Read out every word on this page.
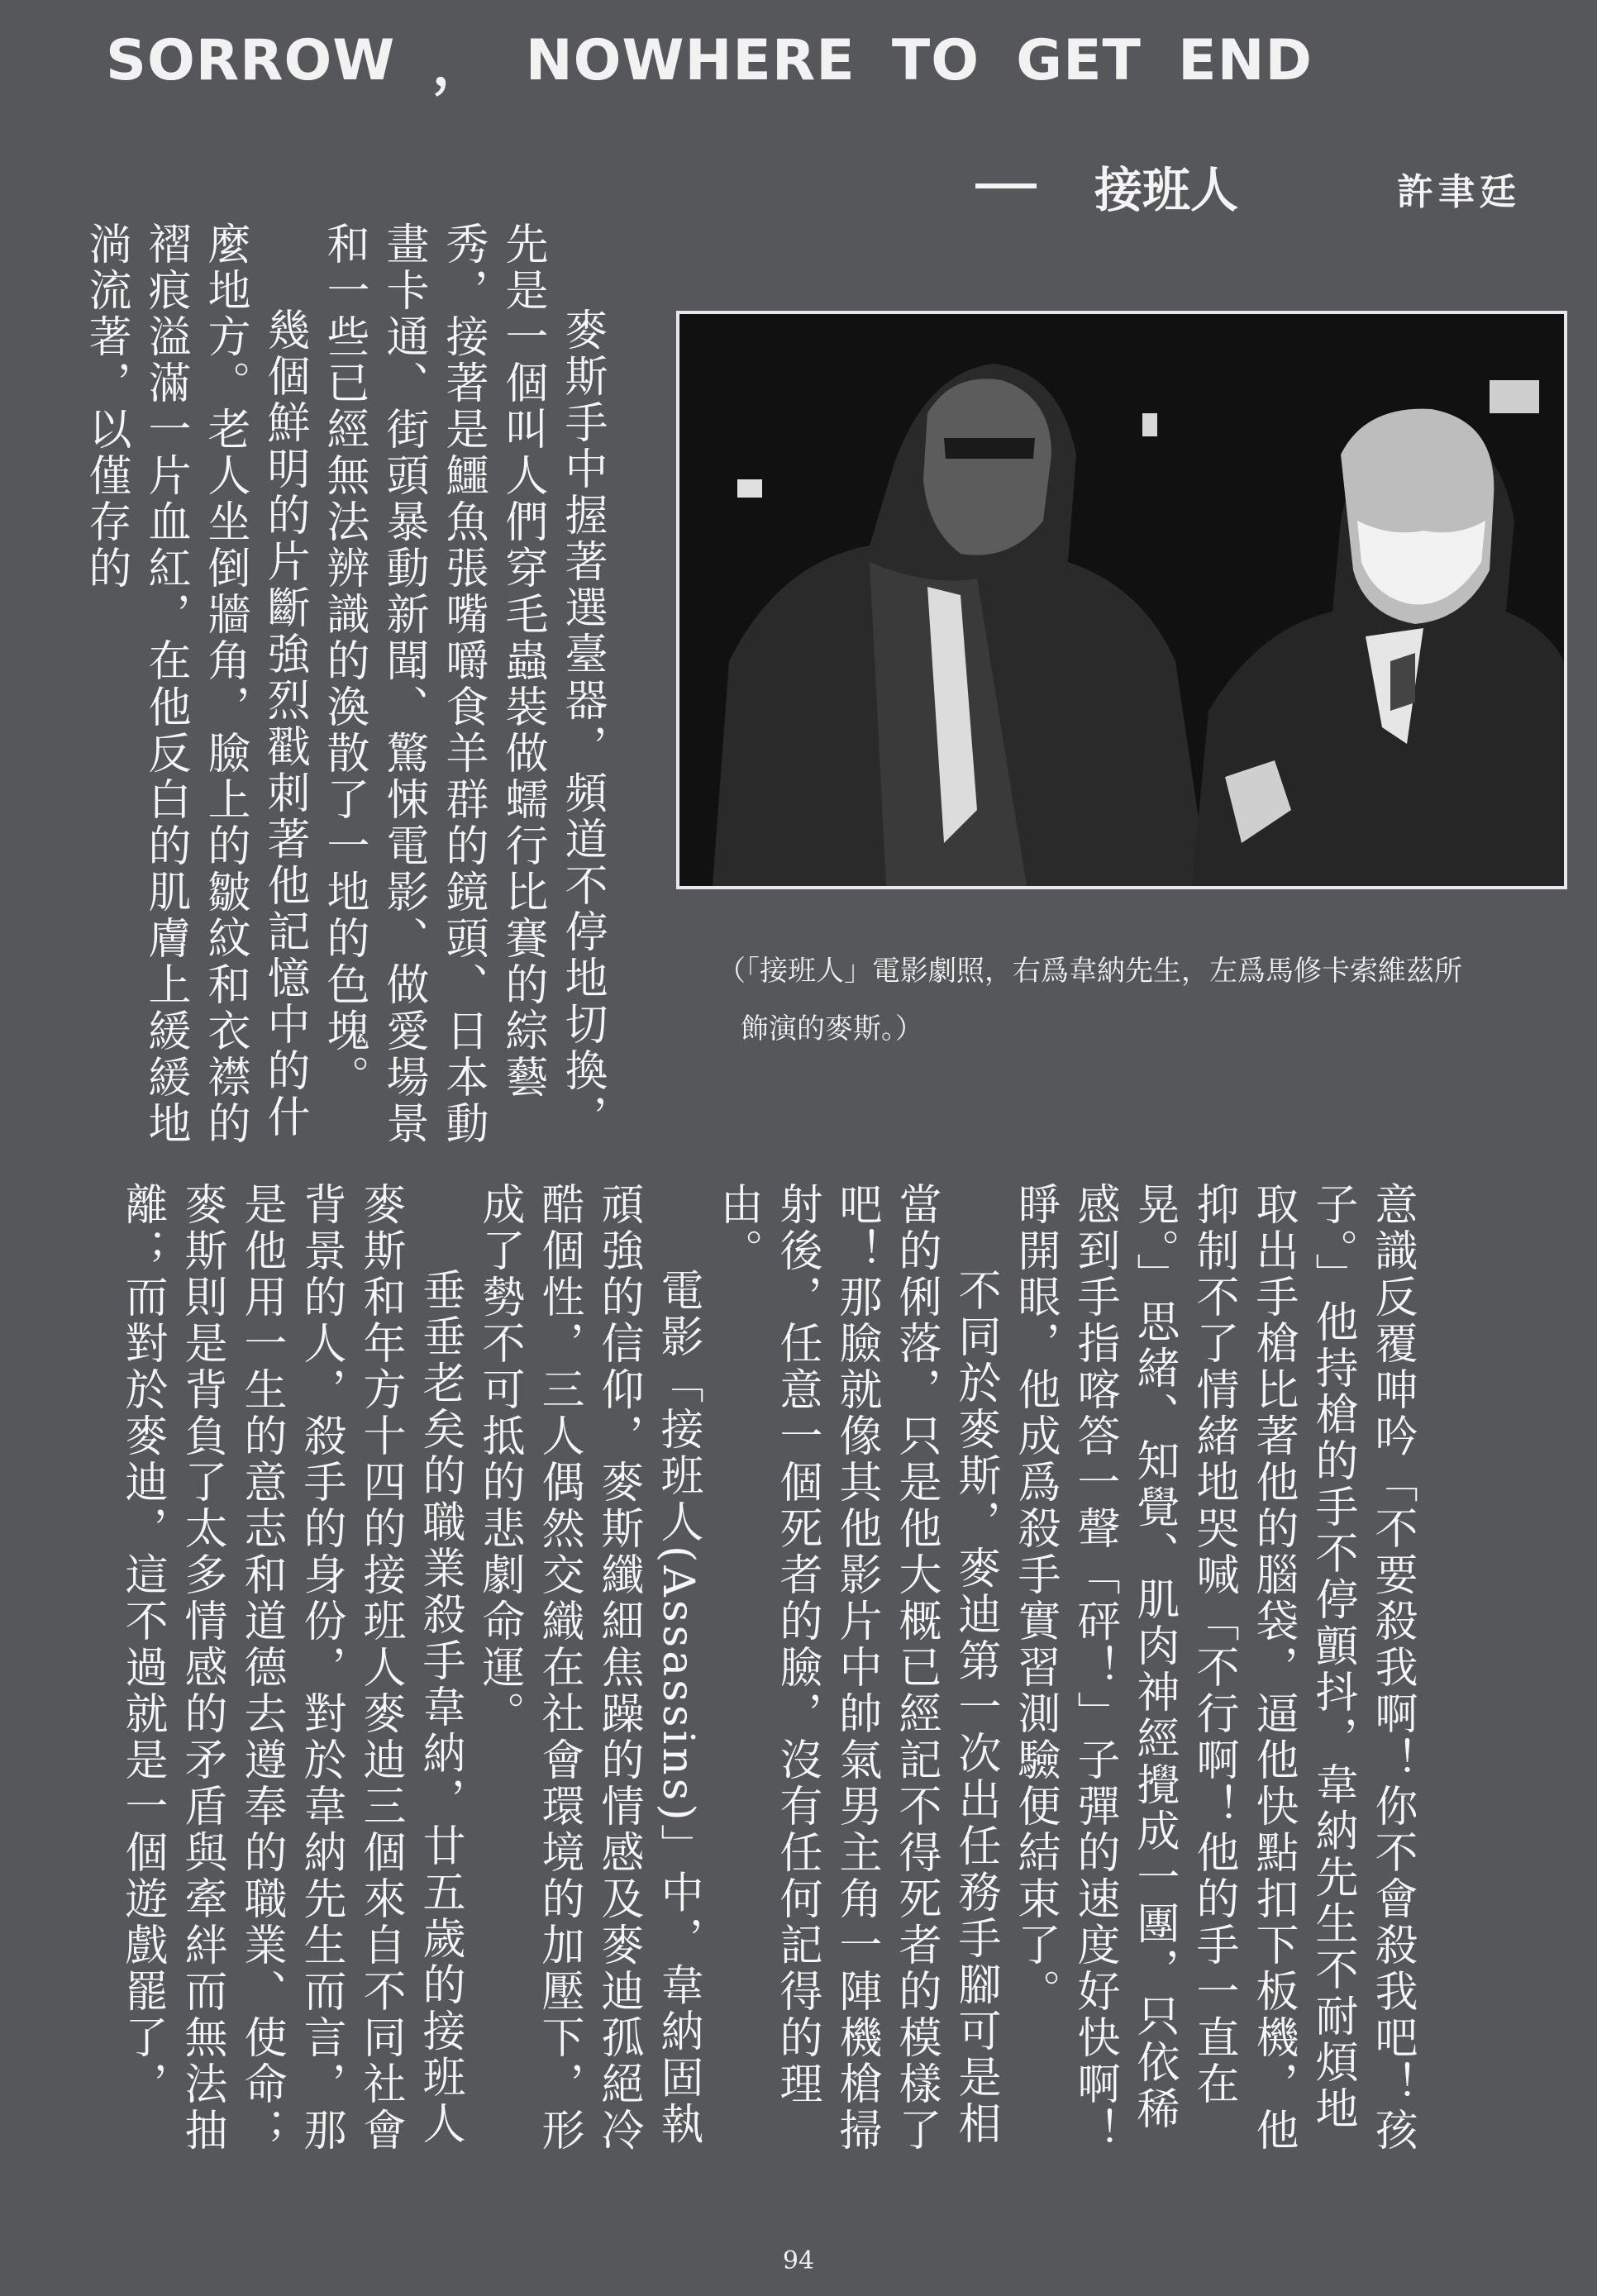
SORROW ， NOWHERE TO GET END
接班人	許聿廷
（「接班人」電影劇照，右爲韋納先生，左爲馬修卡索維茲所
飾演的麥斯。）

麥斯手中握著選臺器，頻道不停地切換，先是一個叫人們穿毛蟲裝做蠕行比賽的綜藝秀，接著是鱷魚張嘴嚼食羊群的鏡頭、日本動畫卡通、街頭暴動新聞、驚悚電影、做愛場景和一些已經無法辨識的渙散了一地的色塊。

幾個鮮明的片斷強烈戳刺著他記憶中的什麼地方。老人坐倒牆角，臉上的皺紋和衣襟的褶痕溢滿一片血紅，在他反白的肌膚上緩緩地淌流著，以僅存的

意識反覆呻吟「不要殺我啊！你不會殺我吧！孩子。」他持槍的手不停顫抖，韋納先生不耐煩地取出手槍比著他的腦袋，逼他快點扣下板機，他抑制不了情緒地哭喊「不行啊！他的手一直在晃。」思緒、知覺、肌肉神經攪成一團，只依稀感到手指喀答一聲「砰！」子彈的速度好快啊！睜開眼，他成爲殺手實習測驗便結束了。

不同於麥斯，麥迪第一次出任務手腳可是相當的俐落，只是他大概已經記不得死者的模樣了吧！那臉就像其他影片中帥氣男主角一陣機槍掃射後，任意一個死者的臉，沒有任何記得的理由。

電影「接班人(Assassins)」中，韋納固執頑強的信仰，麥斯纖細焦躁的情感及麥迪孤絕冷酷個性，三人偶然交織在社會環境的加壓下，形成了勢不可抵的悲劇命運。

垂垂老矣的職業殺手韋納，廿五歲的接班人麥斯和年方十四的接班人麥迪三個來自不同社會背景的人，殺手的身份，對於韋納先生而言，那是他用一生的意志和道德去遵奉的職業、使命；麥斯則是背負了太多情感的矛盾與牽絆而無法抽離；而對於麥迪，這不過就是一個遊戲罷了，

94
